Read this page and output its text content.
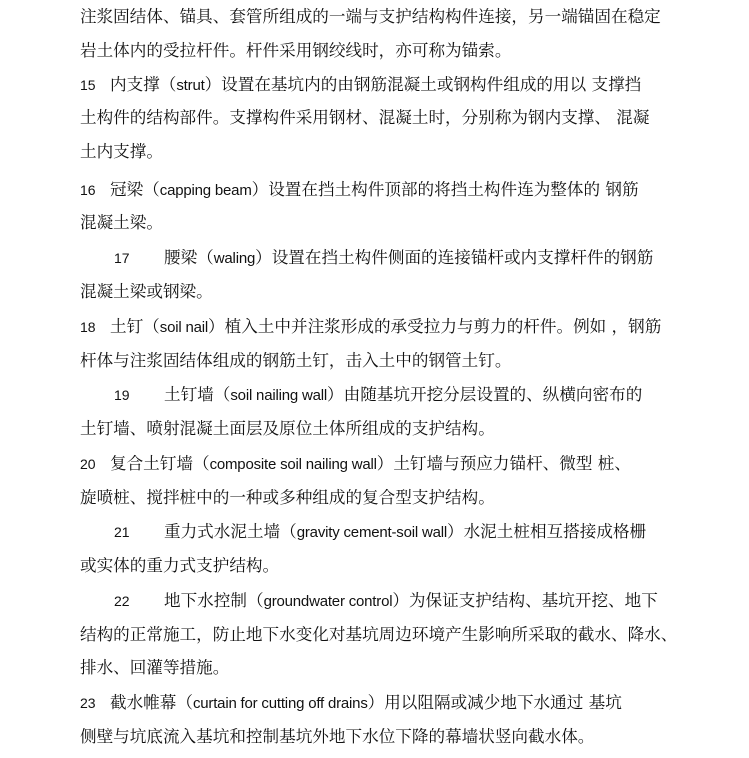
注浆固结体、锚具、套管所组成的一端与支护结构构件连接，另一端锚固在稳定
岩土体内的受拉杆件。杆件采用钢绞线时，亦可称为锚索。
15 内支撑（strut）设置在基坑内的由钢筋混凝土或钢构件组成的用以 支撑挡
土构件的结构部件。支撑构件采用钢材、混凝土时，分别称为钢内支撑、 混凝
土内支撑。
16 冠梁（capping beam）设置在挡土构件顶部的将挡土构件连为整体的 钢筋
混凝土梁。
17 腰梁（waling）设置在挡土构件侧面的连接锚杆或内支撑杆件的钢筋
混凝土梁或钢梁。
18 土钉（soil nail）植入土中并注浆形成的承受拉力与剪力的杆件。例如 ，钢筋
杆体与注浆固结体组成的钢筋土钉，击入土中的钢管土钉。
19 土钉墙（soil nailing wall）由随基坑开挖分层设置的、纵横向密布的
土钉墙、喷射混凝土面层及原位土体所组成的支护结构。
20 复合土钉墙（composite soil nailing wall）土钉墙与预应力锚杆、微型 桩、
旋喷桩、搅拌桩中的一种或多种组成的复合型支护结构。
21 重力式水泥土墙（gravity cement-soil wall）水泥土桩相互搭接成格栅
或实体的重力式支护结构。
22 地下水控制（groundwater control）为保证支护结构、基坑开挖、地下
结构的正常施工，防止地下水变化对基坑周边环境产生影响所采取的截水、降水、
排水、回灌等措施。
23 截水帷幕（curtain for cutting off drains）用以阻隔或减少地下水通过 基坑
侧壁与坑底流入基坑和控制基坑外地下水位下降的幕墙状竖向截水体。
